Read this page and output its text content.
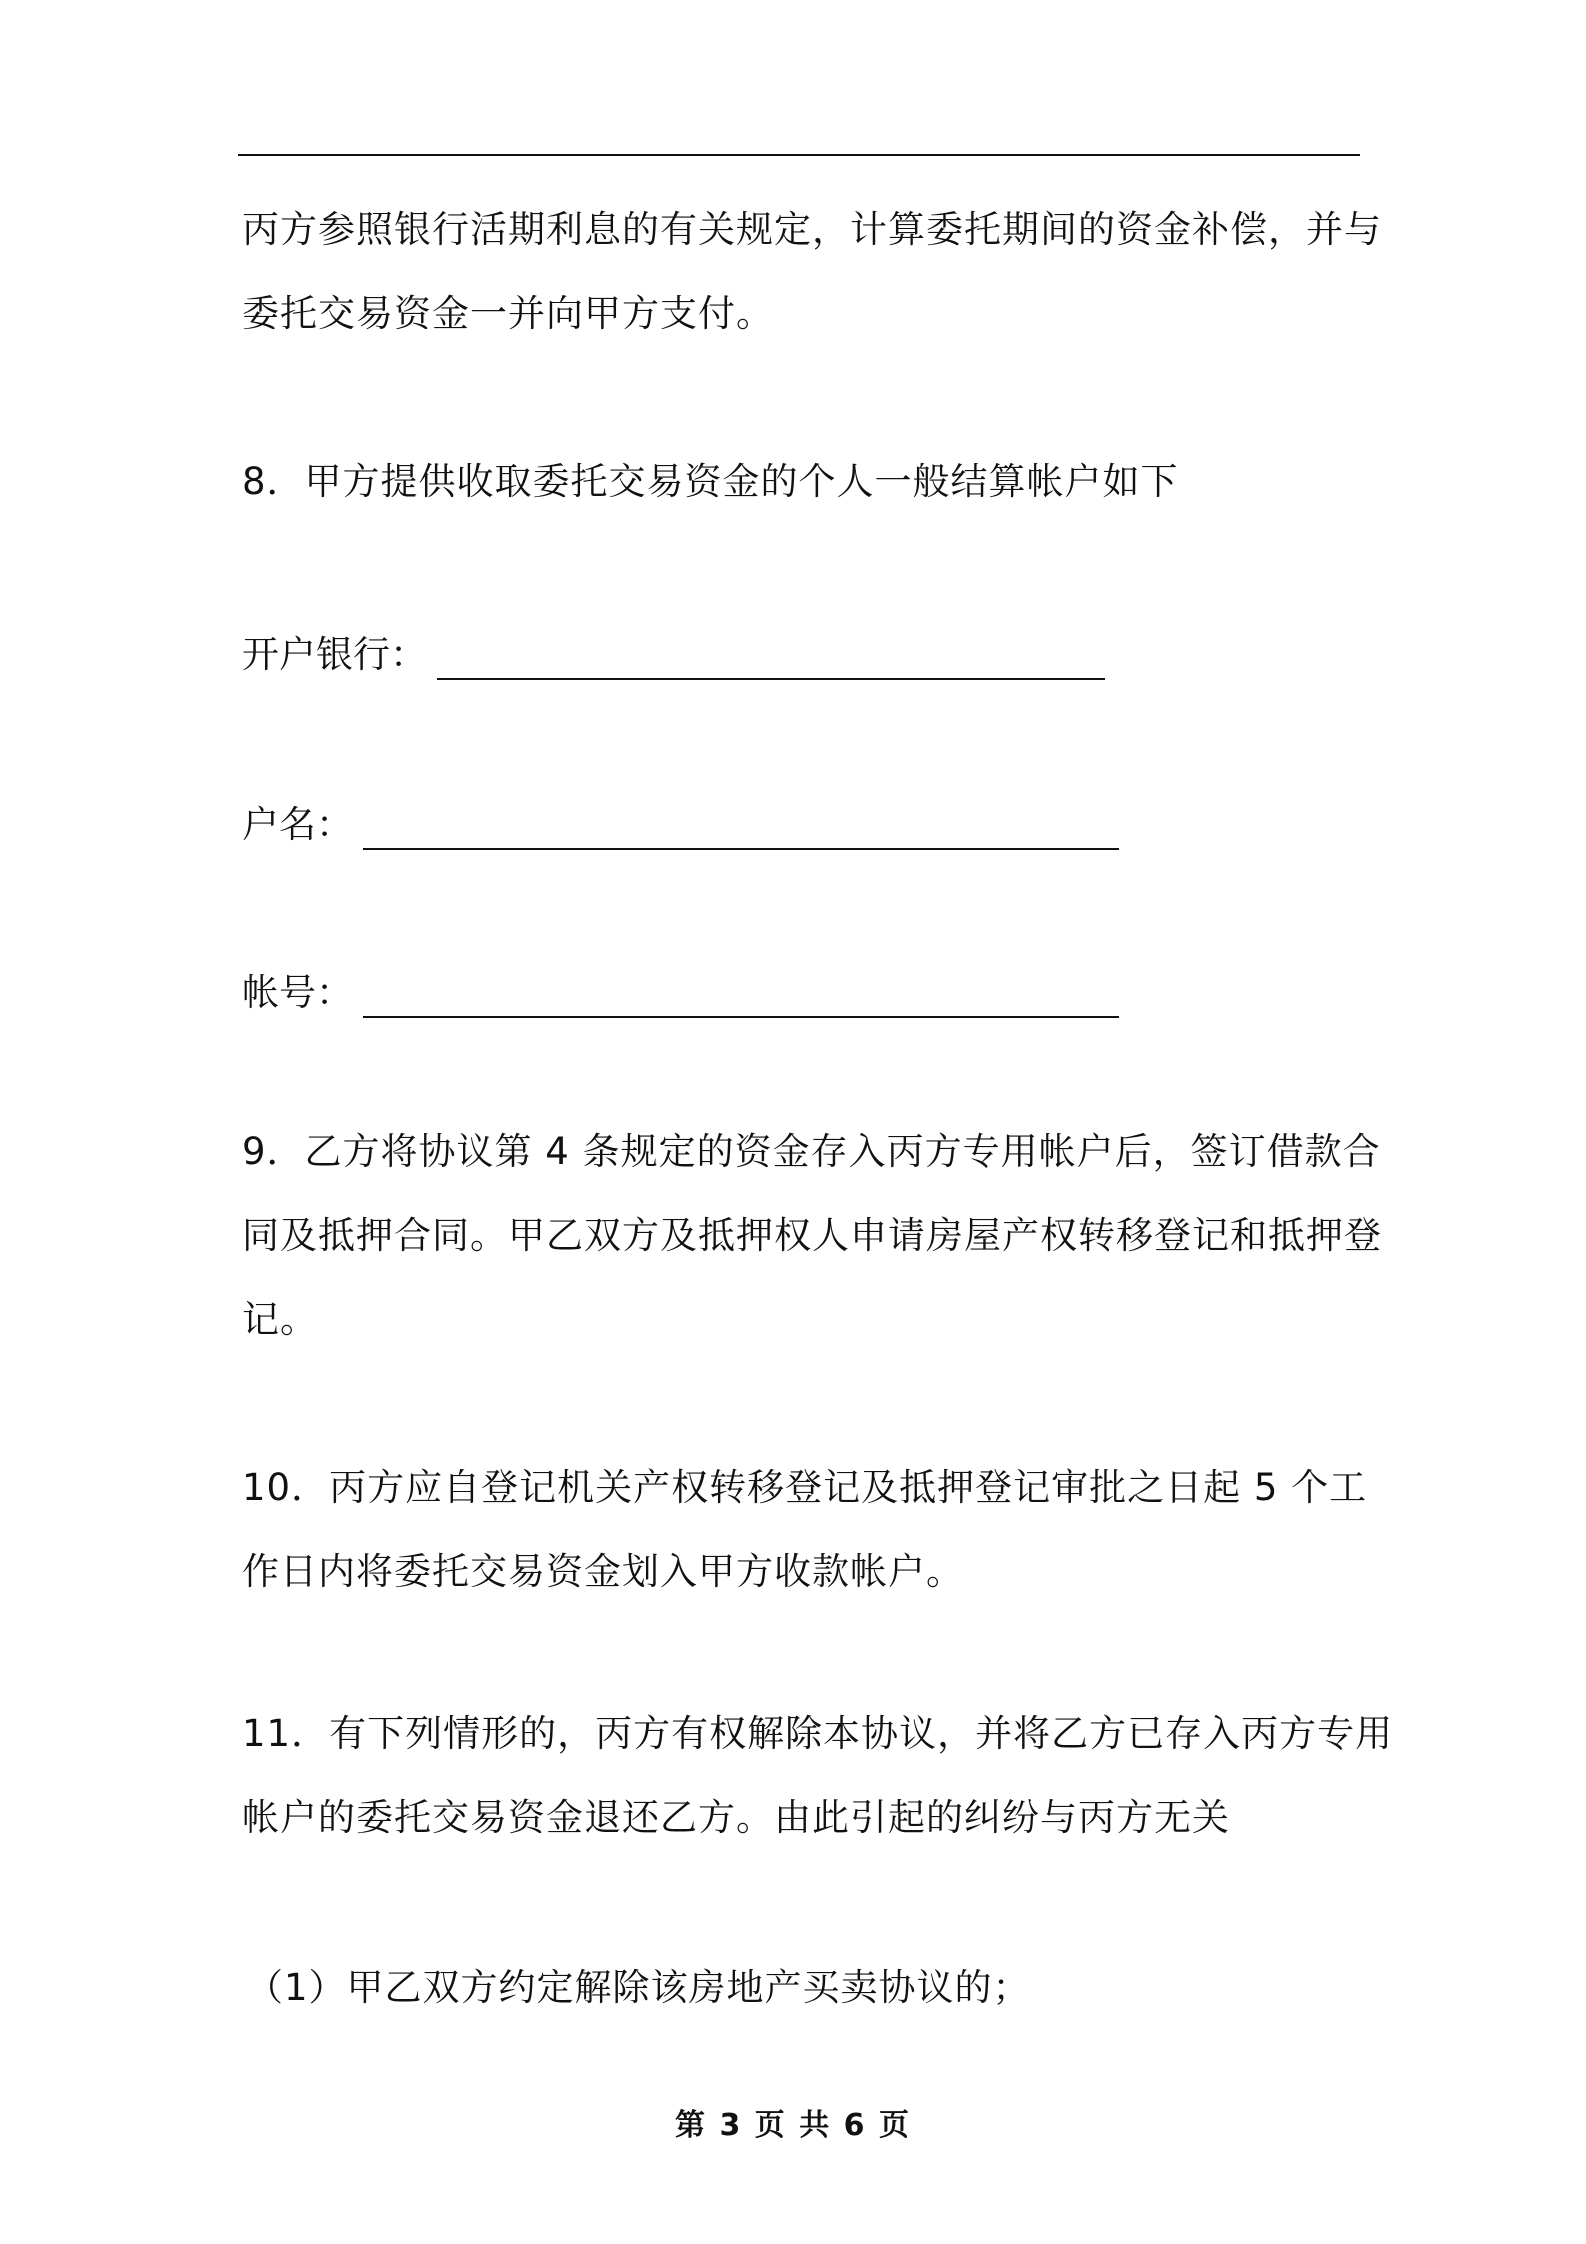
丙方参照银行活期利息的有关规定，计算委托期间的资金补偿，并与
委托交易资金一并向甲方支付。
8．甲方提供收取委托交易资金的个人一般结算帐户如下
开户银行：
户名：
帐号：
9．乙方将协议第 4 条规定的资金存入丙方专用帐户后，签订借款合
同及抵押合同。甲乙双方及抵押权人申请房屋产权转移登记和抵押登
记。
10．丙方应自登记机关产权转移登记及抵押登记审批之日起 5 个工
作日内将委托交易资金划入甲方收款帐户。
11．有下列情形的，丙方有权解除本协议，并将乙方已存入丙方专用
帐户的委托交易资金退还乙方。由此引起的纠纷与丙方无关
（1）甲乙双方约定解除该房地产买卖协议的；
第 3 页 共 6 页
